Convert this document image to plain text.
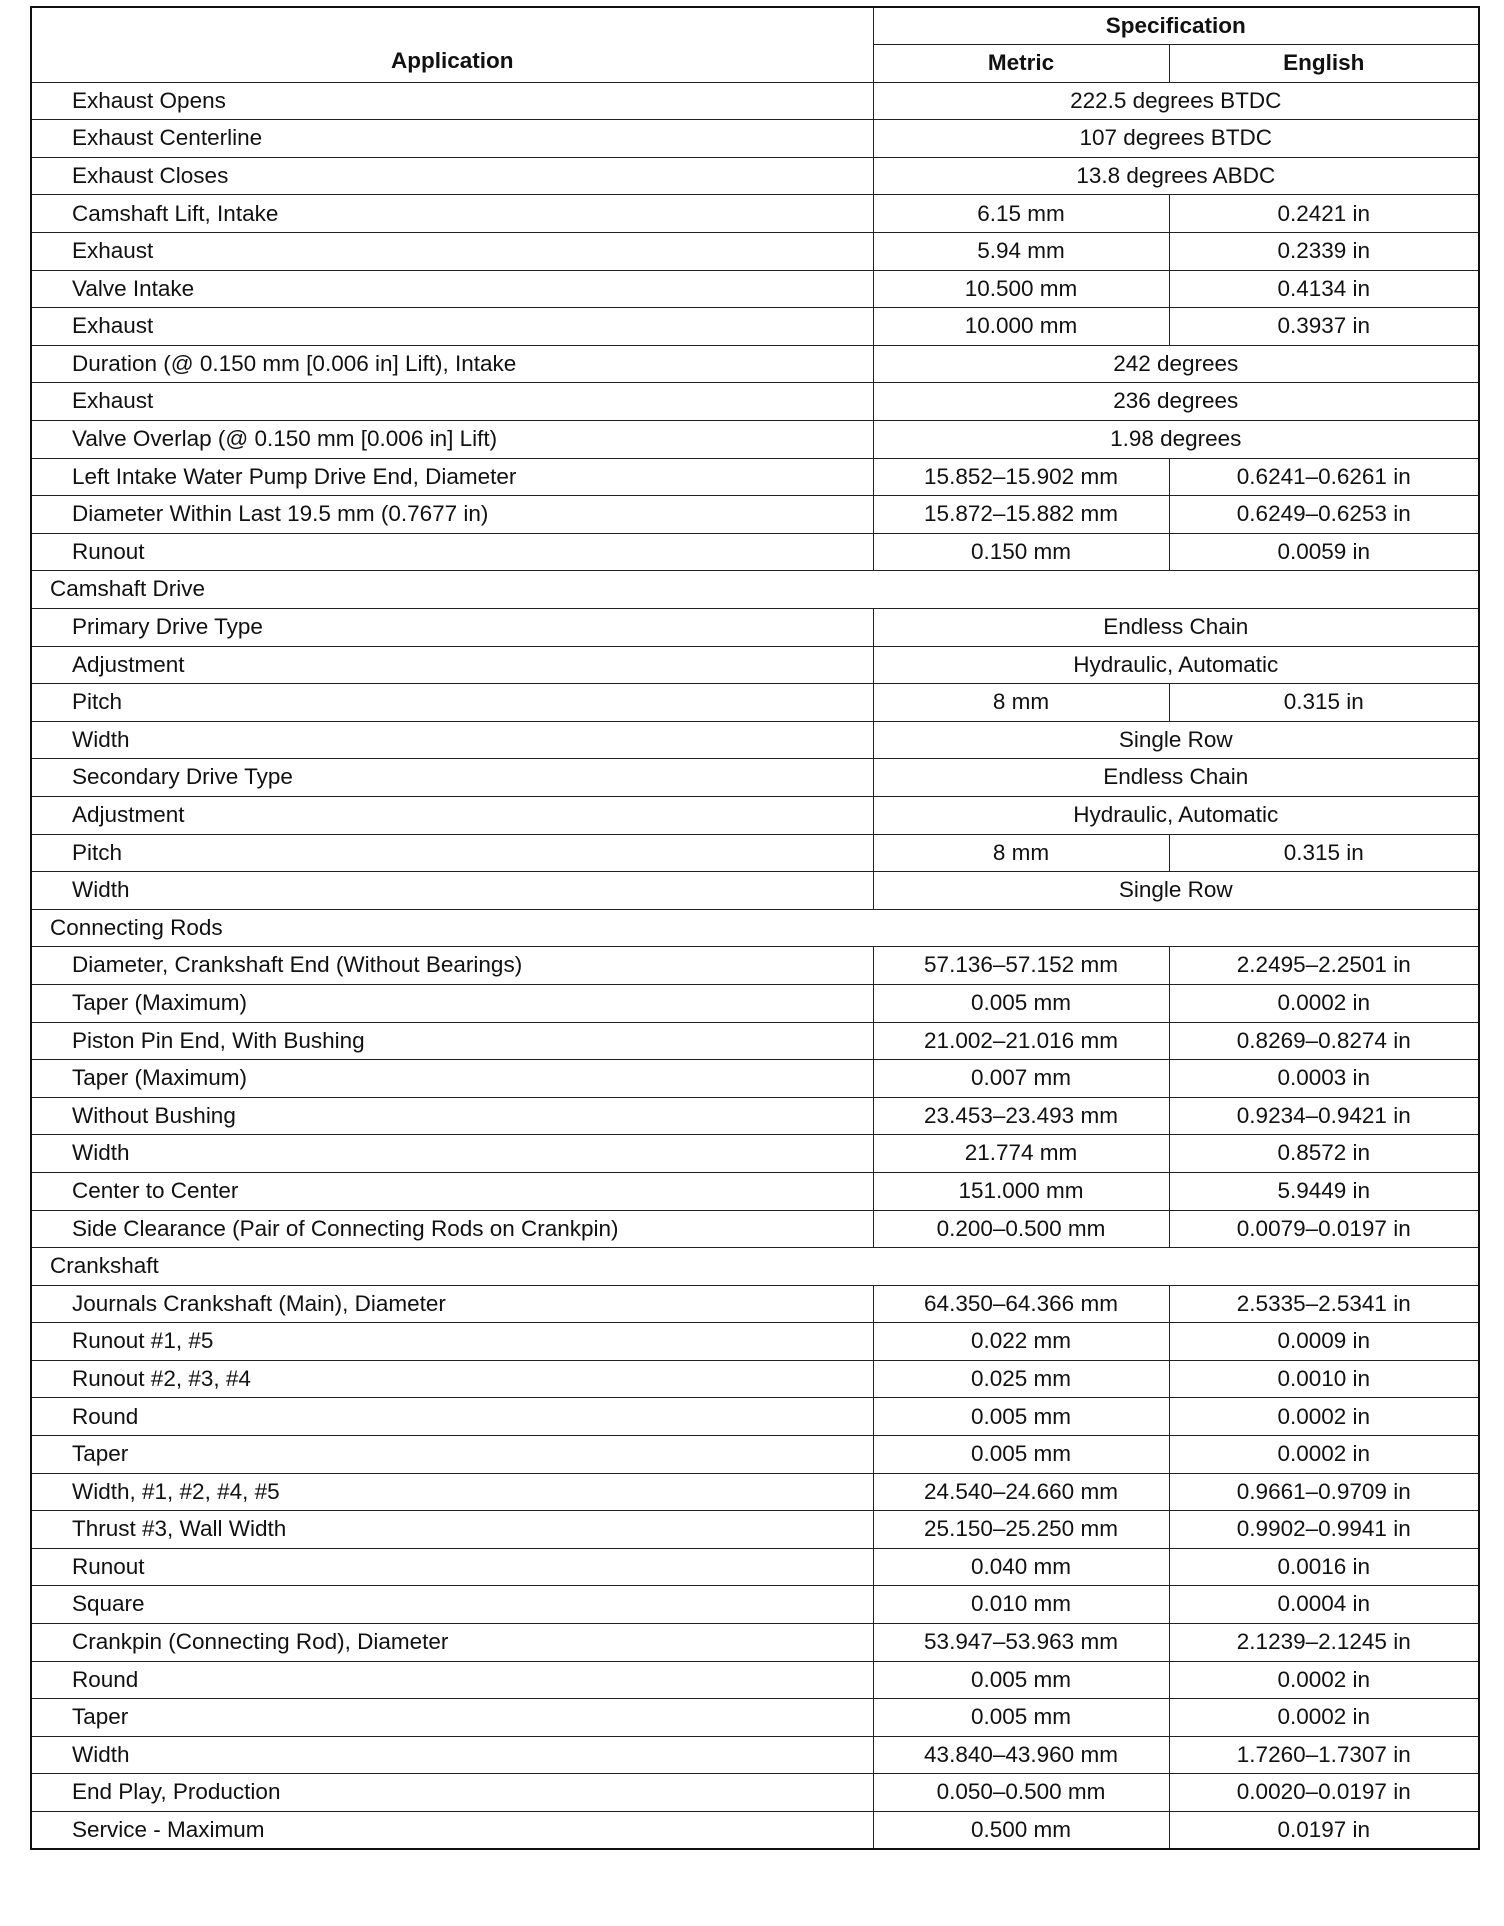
Application	Specification	
	Metric	English
Exhaust Opens	222.5 degrees BTDC	
Exhaust Centerline	107 degrees BTDC	
Exhaust Closes	13.8 degrees ABDC	
Camshaft Lift, Intake	6.15 mm	0.2421 in
Exhaust	5.94 mm	0.2339 in
Valve Intake	10.500 mm	0.4134 in
Exhaust	10.000 mm	0.3937 in
Duration (@ 0.150 mm [0.006 in] Lift), Intake	242 degrees	
Exhaust	236 degrees	
Valve Overlap (@ 0.150 mm [0.006 in] Lift)	1.98 degrees	
Left Intake Water Pump Drive End, Diameter	15.852–15.902 mm	0.6241–0.6261 in
Diameter Within Last 19.5 mm (0.7677 in)	15.872–15.882 mm	0.6249–0.6253 in
Runout	0.150 mm	0.0059 in
Camshaft Drive		
Primary Drive Type	Endless Chain	
Adjustment	Hydraulic, Automatic	
Pitch	8 mm	0.315 in
Width	Single Row	
Secondary Drive Type	Endless Chain	
Adjustment	Hydraulic, Automatic	
Pitch	8 mm	0.315 in
Width	Single Row	
Connecting Rods		
Diameter, Crankshaft End (Without Bearings)	57.136–57.152 mm	2.2495–2.2501 in
Taper (Maximum)	0.005 mm	0.0002 in
Piston Pin End, With Bushing	21.002–21.016 mm	0.8269–0.8274 in
Taper (Maximum)	0.007 mm	0.0003 in
Without Bushing	23.453–23.493 mm	0.9234–0.9421 in
Width	21.774 mm	0.8572 in
Center to Center	151.000 mm	5.9449 in
Side Clearance (Pair of Connecting Rods on Crankpin)	0.200–0.500 mm	0.0079–0.0197 in
Crankshaft		
Journals Crankshaft (Main), Diameter	64.350–64.366 mm	2.5335–2.5341 in
Runout #1, #5	0.022 mm	0.0009 in
Runout #2, #3, #4	0.025 mm	0.0010 in
Round	0.005 mm	0.0002 in
Taper	0.005 mm	0.0002 in
Width, #1, #2, #4, #5	24.540–24.660 mm	0.9661–0.9709 in
Thrust #3, Wall Width	25.150–25.250 mm	0.9902–0.9941 in
Runout	0.040 mm	0.0016 in
Square	0.010 mm	0.0004 in
Crankpin (Connecting Rod), Diameter	53.947–53.963 mm	2.1239–2.1245 in
Round	0.005 mm	0.0002 in
Taper	0.005 mm	0.0002 in
Width	43.840–43.960 mm	1.7260–1.7307 in
End Play, Production	0.050–0.500 mm	0.0020–0.0197 in
Service - Maximum	0.500 mm	0.0197 in
